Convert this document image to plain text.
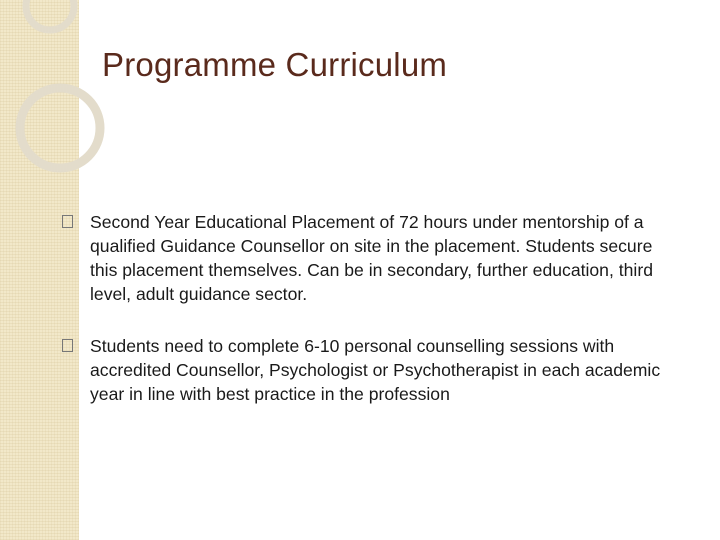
Programme Curriculum
Second Year Educational Placement of 72 hours under mentorship of a qualified Guidance Counsellor on site in the placement. Students secure this placement themselves. Can be in secondary, further education, third level, adult guidance sector.
Students need to complete 6-10 personal counselling sessions with accredited Counsellor, Psychologist or Psychotherapist in each academic year in line with best practice in the profession
